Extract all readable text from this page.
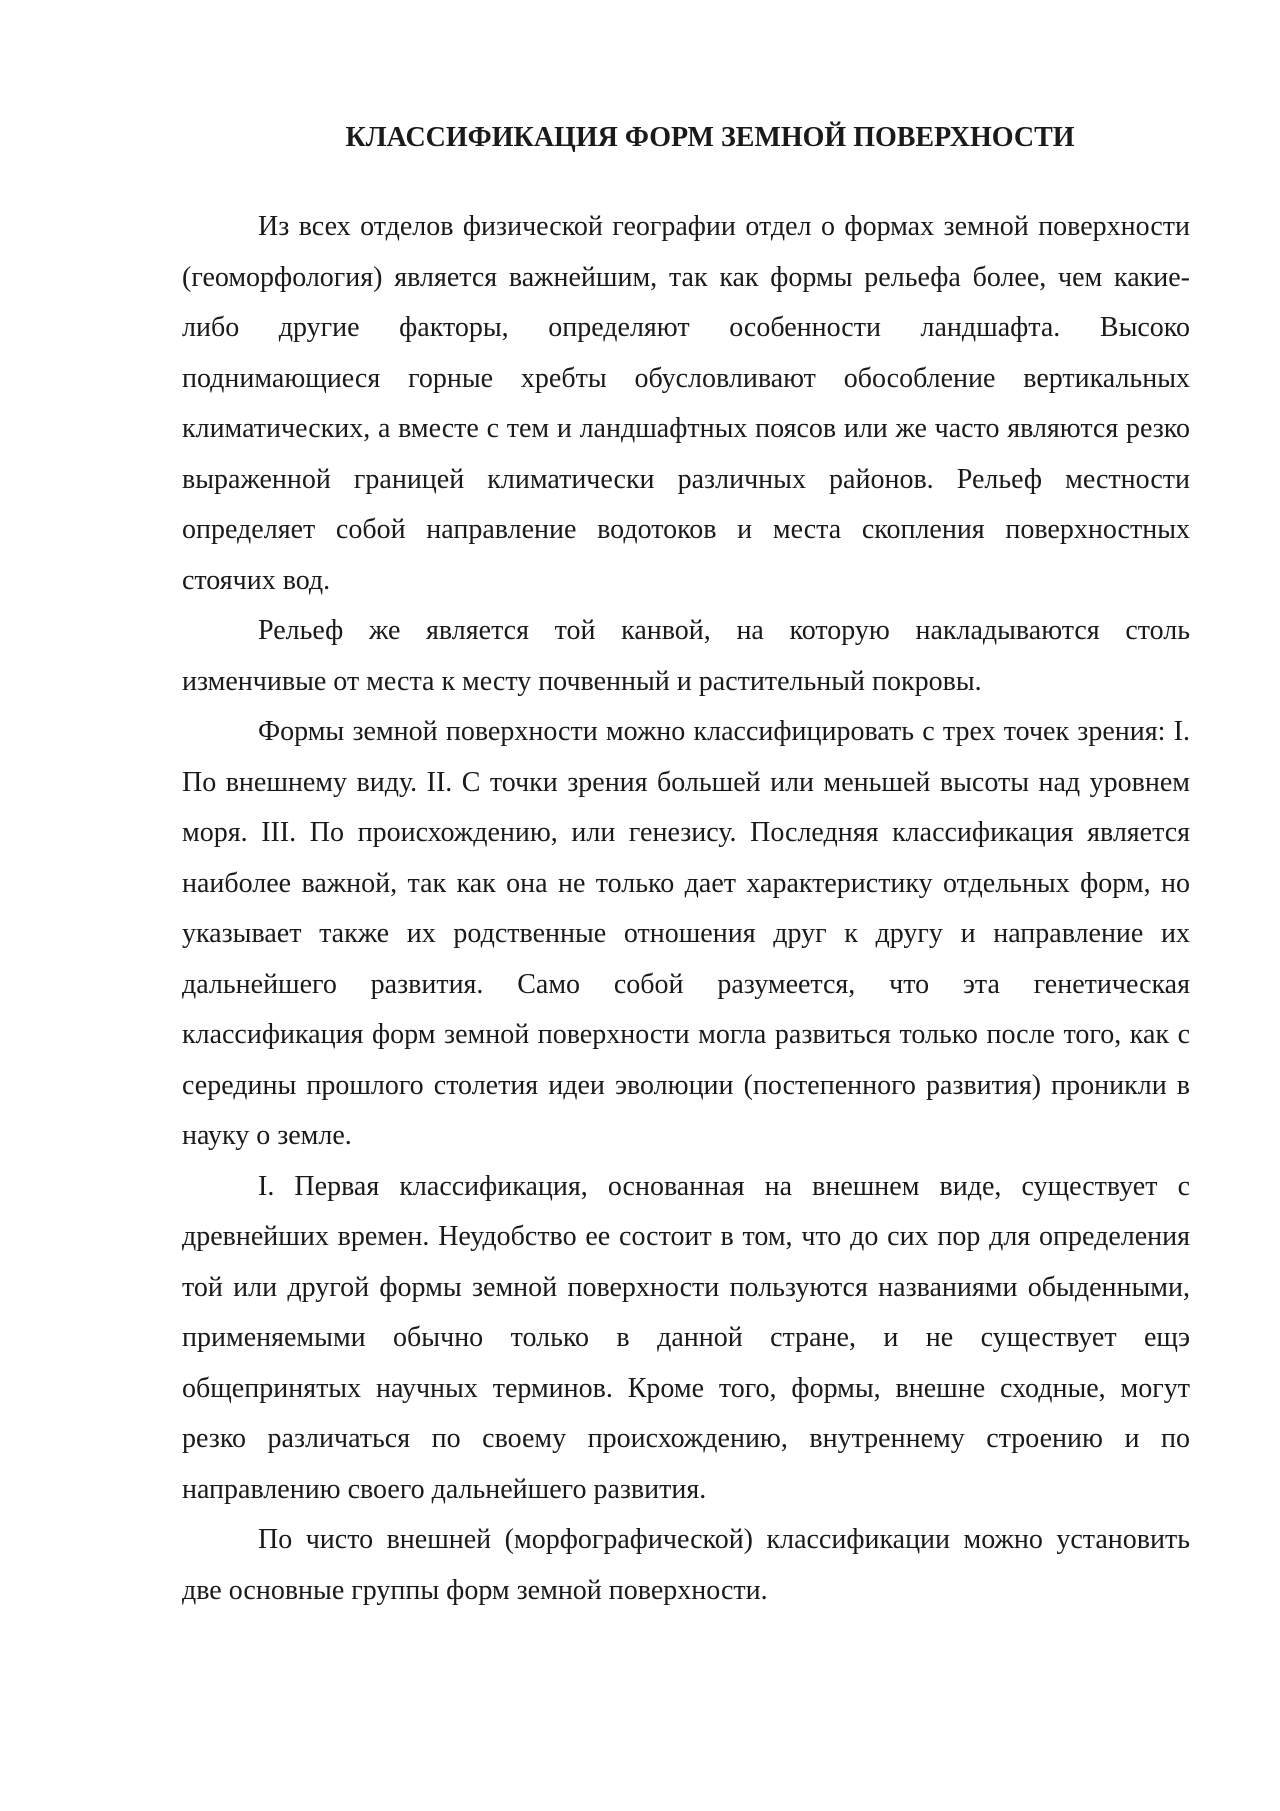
КЛАССИФИКАЦИЯ ФОРМ ЗЕМНОЙ ПОВЕРХНОСТИ

Из всех отделов физической географии отдел о формах земной поверхности (геоморфология) является важнейшим, так как формы рельефа более, чем какие-либо другие факторы, определяют особенности ландшафта. Высоко поднимающиеся горные хребты обусловливают обособление вертикальных климатических, а вместе с тем и ландшафтных поясов или же часто являются резко выраженной границей климатически различных районов. Рельеф местности определяет собой направление водотоков и места скопления поверхностных стоячих вод.

Рельеф же является той канвой, на которую накладываются столь изменчивые от места к месту почвенный и растительный покровы.

Формы земной поверхности можно классифицировать с трех точек зрения: I. По внешнему виду. II. С точки зрения большей или меньшей высоты над уровнем моря. III. По происхождению, или генезису. Последняя классификация является наиболее важной, так как она не только дает характеристику отдельных форм, но указывает также их родственные отношения друг к другу и направление их дальнейшего развития. Само собой разумеется, что эта генетическая классификация форм земной поверхности могла развиться только после того, как с середины прошлого столетия идеи эволюции (постепенного развития) проникли в науку о земле.

I. Первая классификация, основанная на внешнем виде, существует с древнейших времен. Неудобство ее состоит в том, что до сих пор для определения той или другой формы земной поверхности пользуются названиями обыденными, применяемыми обычно только в данной стране, и не существует ещэ общепринятых научных терминов. Кроме того, формы, внешне сходные, могут резко различаться по своему происхождению, внутреннему строению и по направлению своего дальнейшего развития.

По чисто внешней (морфографической) классификации можно установить две основные группы форм земной поверхности.
